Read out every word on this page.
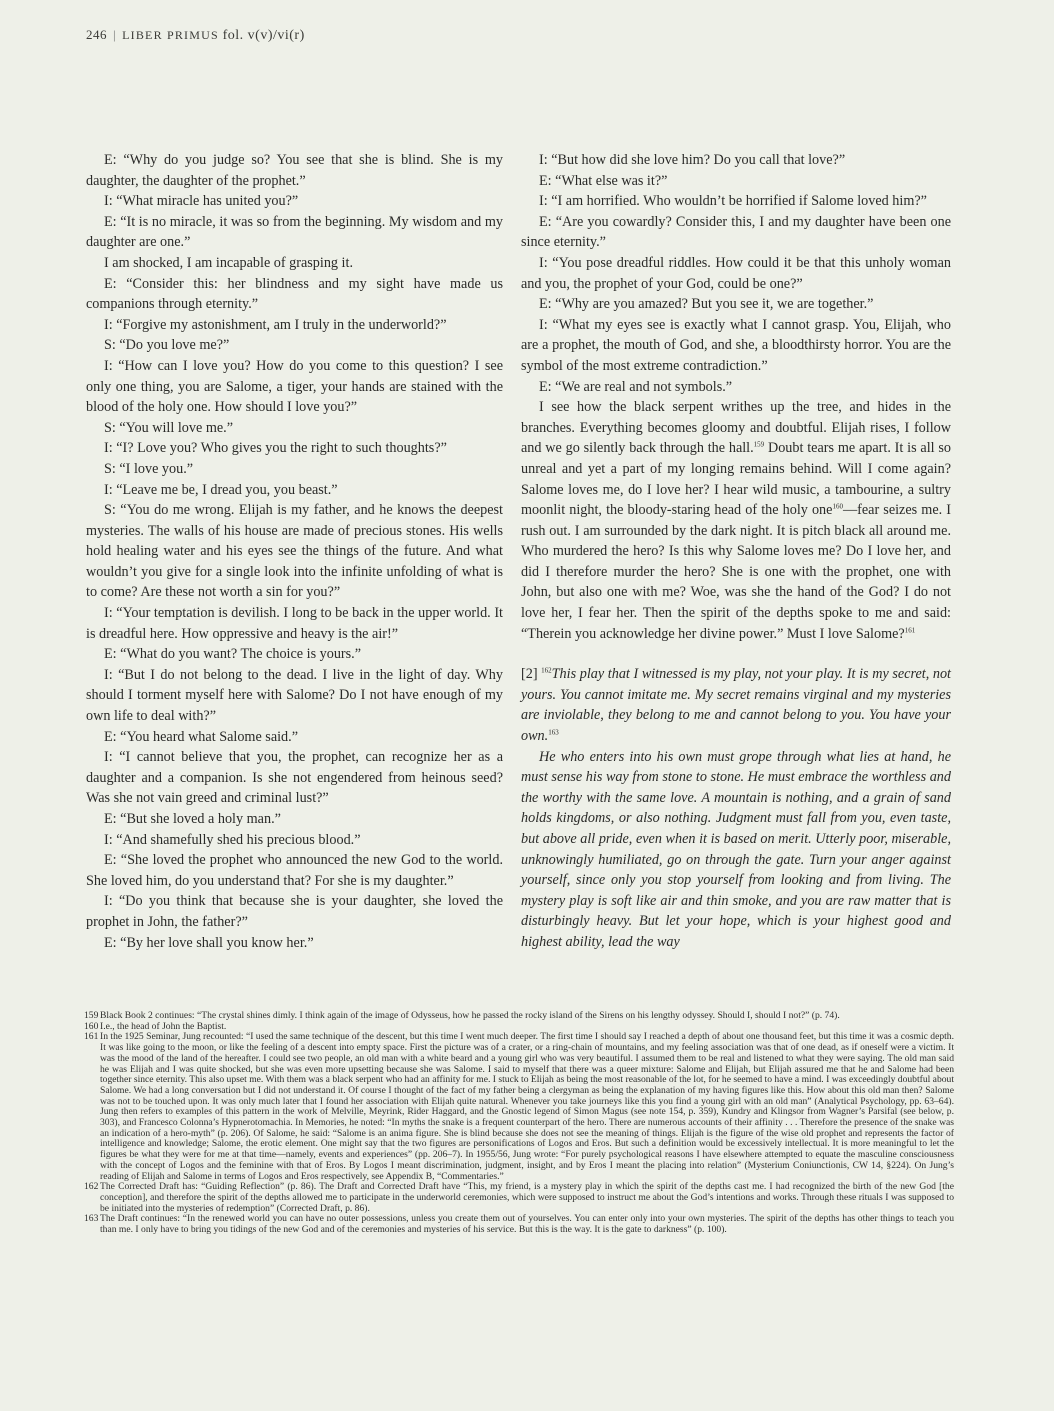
246 | LIBER PRIMUS fol. v(v)/vi(r)

E: “Why do you judge so? You see that she is blind. She is my daughter, the daughter of the prophet.”

I: “What miracle has united you?”

E: “It is no miracle, it was so from the beginning. My wisdom and my daughter are one.”

I am shocked, I am incapable of grasping it.

E: “Consider this: her blindness and my sight have made us companions through eternity.”

I: “Forgive my astonishment, am I truly in the underworld?”

S: “Do you love me?”

I: “How can I love you? How do you come to this question? I see only one thing, you are Salome, a tiger, your hands are stained with the blood of the holy one. How should I love you?”

S: “You will love me.”

I: “I? Love you? Who gives you the right to such thoughts?”

S: “I love you.”

I: “Leave me be, I dread you, you beast.”

S: “You do me wrong. Elijah is my father, and he knows the deepest mysteries. The walls of his house are made of precious stones. His wells hold healing water and his eyes see the things of the future. And what wouldn’t you give for a single look into the infinite unfolding of what is to come? Are these not worth a sin for you?”

I: “Your temptation is devilish. I long to be back in the upper world. It is dreadful here. How oppressive and heavy is the air!”

E: “What do you want? The choice is yours.”

I: “But I do not belong to the dead. I live in the light of day. Why should I torment myself here with Salome? Do I not have enough of my own life to deal with?”

E: “You heard what Salome said.”

I: “I cannot believe that you, the prophet, can recognize her as a daughter and a companion. Is she not engendered from heinous seed? Was she not vain greed and criminal lust?”

E: “But she loved a holy man.”

I: “And shamefully shed his precious blood.”

E: “She loved the prophet who announced the new God to the world. She loved him, do you understand that? For she is my daughter.”

I: “Do you think that because she is your daughter, she loved the prophet in John, the father?”

E: “By her love shall you know her.”

I: “But how did she love him? Do you call that love?”

E: “What else was it?”

I: “I am horrified. Who wouldn’t be horrified if Salome loved him?”

E: “Are you cowardly? Consider this, I and my daughter have been one since eternity.”

I: “You pose dreadful riddles. How could it be that this unholy woman and you, the prophet of your God, could be one?”

E: “Why are you amazed? But you see it, we are together.”

I: “What my eyes see is exactly what I cannot grasp. You, Elijah, who are a prophet, the mouth of God, and she, a bloodthirsty horror. You are the symbol of the most extreme contradiction.”

E: “We are real and not symbols.”

I see how the black serpent writhes up the tree, and hides in the branches. Everything becomes gloomy and doubtful. Elijah rises, I follow and we go silently back through the hall.$^{159}$ Doubt tears me apart. It is all so unreal and yet a part of my longing remains behind. Will I come again? Salome loves me, do I love her? I hear wild music, a tambourine, a sultry moonlit night, the bloody-staring head of the holy one$^{160}$—fear seizes me. I rush out. I am surrounded by the dark night. It is pitch black all around me. Who murdered the hero? Is this why Salome loves me? Do I love her, and did I therefore murder the hero? She is one with the prophet, one with John, but also one with me? Woe, was she the hand of the God? I do not love her, I fear her. Then the spirit of the depths spoke to me and said: “Therein you acknowledge her divine power.” Must I love Salome?$^{161}$

[2] $^{162}$This play that I witnessed is my play, not your play. It is my secret, not yours. You cannot imitate me. My secret remains virginal and my mysteries are inviolable, they belong to me and cannot belong to you. You have your own.$^{163}$

He who enters into his own must grope through what lies at hand, he must sense his way from stone to stone. He must embrace the worthless and the worthy with the same love. A mountain is nothing, and a grain of sand holds kingdoms, or also nothing. Judgment must fall from you, even taste, but above all pride, even when it is based on merit. Utterly poor, miserable, unknowingly humiliated, go on through the gate. Turn your anger against yourself, since only you stop yourself from looking and from living. The mystery play is soft like air and thin smoke, and you are raw matter that is disturbingly heavy. But let your hope, which is your highest good and highest ability, lead the way

159 Black Book 2 continues: “The crystal shines dimly. I think again of the image of Odysseus, how he passed the rocky island of the Sirens on his lengthy odyssey. Should I, should I not?” (p. 74).
160 I.e., the head of John the Baptist.
161 In the 1925 Seminar, Jung recounted: “I used the same technique of the descent, but this time I went much deeper. The first time I should say I reached a depth of about one thousand feet, but this time it was a cosmic depth. It was like going to the moon, or like the feeling of a descent into empty space. First the picture was of a crater, or a ring-chain of mountains, and my feeling association was that of one dead, as if oneself were a victim. It was the mood of the land of the hereafter. I could see two people, an old man with a white beard and a young girl who was very beautiful. I assumed them to be real and listened to what they were saying. The old man said he was Elijah and I was quite shocked, but she was even more upsetting because she was Salome. I said to myself that there was a queer mixture: Salome and Elijah, but Elijah assured me that he and Salome had been together since eternity. This also upset me. With them was a black serpent who had an affinity for me. I stuck to Elijah as being the most reasonable of the lot, for he seemed to have a mind. I was exceedingly doubtful about Salome. We had a long conversation but I did not understand it. Of course I thought of the fact of my father being a clergyman as being the explanation of my having figures like this. How about this old man then? Salome was not to be touched upon. It was only much later that I found her association with Elijah quite natural. Whenever you take journeys like this you find a young girl with an old man” (Analytical Psychology, pp. 63–64). Jung then refers to examples of this pattern in the work of Melville, Meyrink, Rider Haggard, and the Gnostic legend of Simon Magus (see note 154, p. 359), Kundry and Klingsor from Wagner’s Parsifal (see below, p. 303), and Francesco Colonna’s Hypnerotomachia. In Memories, he noted: “In myths the snake is a frequent counterpart of the hero. There are numerous accounts of their affinity . . . Therefore the presence of the snake was an indication of a hero-myth” (p. 206). Of Salome, he said: “Salome is an anima figure. She is blind because she does not see the meaning of things. Elijah is the figure of the wise old prophet and represents the factor of intelligence and knowledge; Salome, the erotic element. One might say that the two figures are personifications of Logos and Eros. But such a definition would be excessively intellectual. It is more meaningful to let the figures be what they were for me at that time—namely, events and experiences” (pp. 206–7). In 1955/56, Jung wrote: “For purely psychological reasons I have elsewhere attempted to equate the masculine consciousness with the concept of Logos and the feminine with that of Eros. By Logos I meant discrimination, judgment, insight, and by Eros I meant the placing into relation” (Mysterium Coniunctionis, CW 14, §224). On Jung’s reading of Elijah and Salome in terms of Logos and Eros respectively, see Appendix B, “Commentaries.”
162 The Corrected Draft has: “Guiding Reflection” (p. 86). The Draft and Corrected Draft have “This, my friend, is a mystery play in which the spirit of the depths cast me. I had recognized the birth of the new God [the conception], and therefore the spirit of the depths allowed me to participate in the underworld ceremonies, which were supposed to instruct me about the God’s intentions and works. Through these rituals I was supposed to be initiated into the mysteries of redemption” (Corrected Draft, p. 86).
163 The Draft continues: “In the renewed world you can have no outer possessions, unless you create them out of yourselves. You can enter only into your own mysteries. The spirit of the depths has other things to teach you than me. I only have to bring you tidings of the new God and of the ceremonies and mysteries of his service. But this is the way. It is the gate to darkness” (p. 100).
